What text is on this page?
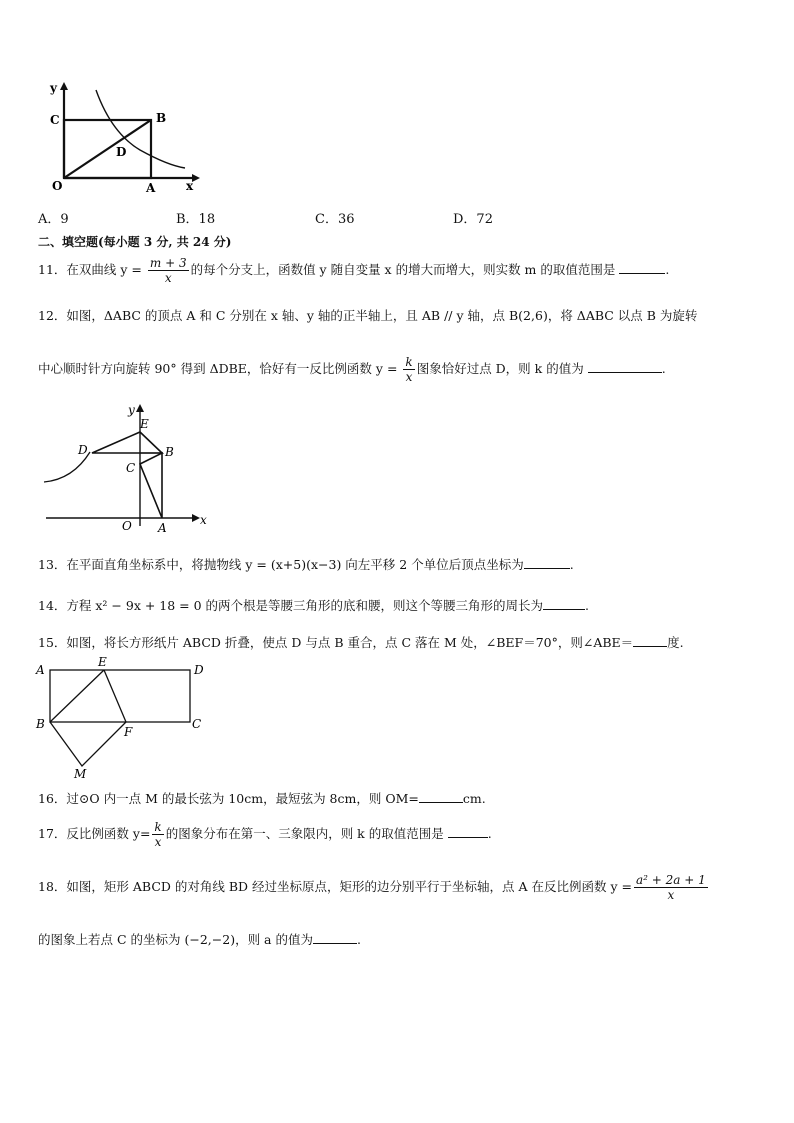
y
x
O	A
B
C
D
A．9	B．18	C．36	D．72
二、填空题(每小题 3 分, 共 24 分)
11．在双曲线 $y = \frac{m + 3}{x}$ 的每个分支上，函数值 y 随自变量 x 的增大而增大，则实数 m 的取值范围是	.
12．如图，ΔABC 的顶点 A 和 C 分别在 x 轴、y 轴的正半轴上，且 AB // y 轴，点 B(2,6)，将 ΔABC 以点 B 为旋转
中心顺时针方向旋转 90° 得到 ΔDBE，恰好有一反比例函数 $y = \frac{k}{x}$ 图象恰好过点 D，则 k 的值为	.
y
x
O A
B
C
D
E
13．在平面直角坐标系中，将抛物线 y = (x+5)(x−3) 向左平移 2 个单位后顶点坐标为	.
14．方程 x² − 9x + 18 = 0 的两个根是等腰三角形的底和腰，则这个等腰三角形的周长为	.
15．如图，将长方形纸片 ABCD 折叠，使点 D 与点 B 重合，点 C 落在 M 处，∠BEF＝70°，则∠ABE＝	度.
A
B	C
D
E
F
M
16．过⊙O 内一点 M 的最长弦为 10cm，最短弦为 8cm，则 OM=	cm.
17．反比例函数 $y= \frac{k}{x}$ 的图象分布在第一、三象限内，则 k 的取值范围是	.
18．如图，矩形 ABCD 的对角线 BD 经过坐标原点，矩形的边分别平行于坐标轴，点 A 在反比例函数 $y = \frac{\text{a² + 2a + 1}}{x}$
的图象上若点 C 的坐标为 (−2,−2)，则 a 的值为	.
